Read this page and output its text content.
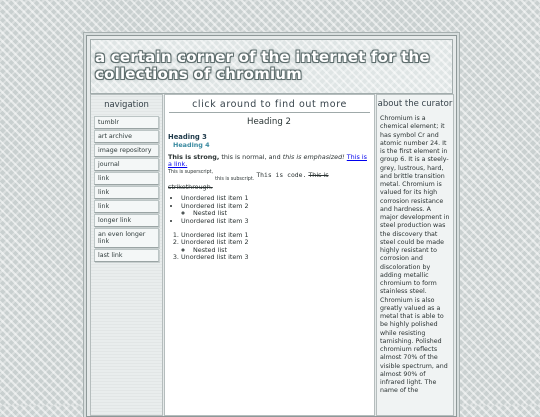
a certain corner of the internet for the collections of chromium
navigation
tumblr
art archive
image repository
journal
link
link
link
longer link
an even longer link
last link
click around to find out more
Heading 2
Heading 3
Heading 4
This is strong, this is normal, and this is emphasized! This is a link.
$^{This is superscript,}$ $_{this is subscript.}$ This is code. This is strikethrough.
• Unordered list item 1
• Unordered list item 2
◦ Nested list
• Unordered list item 3
1. Unordered list item 1
2. Unordered list item 2
◦ Nested list
3. Unordered list item 3
about the curator
Chromium is a chemical element; it has symbol Cr and atomic number 24. It is the first element in group 6. It is a steely-grey, lustrous, hard, and brittle transition metal. Chromium is valued for its high corrosion resistance and hardness. A major development in steel production was the discovery that steel could be made highly resistant to corrosion and discoloration by adding metallic chromium to form stainless steel. Chromium is also greatly valued as a metal that is able to be highly polished while resisting tarnishing. Polished chromium reflects almost 70% of the visible spectrum, and almost 90% of infrared light. The name of the
